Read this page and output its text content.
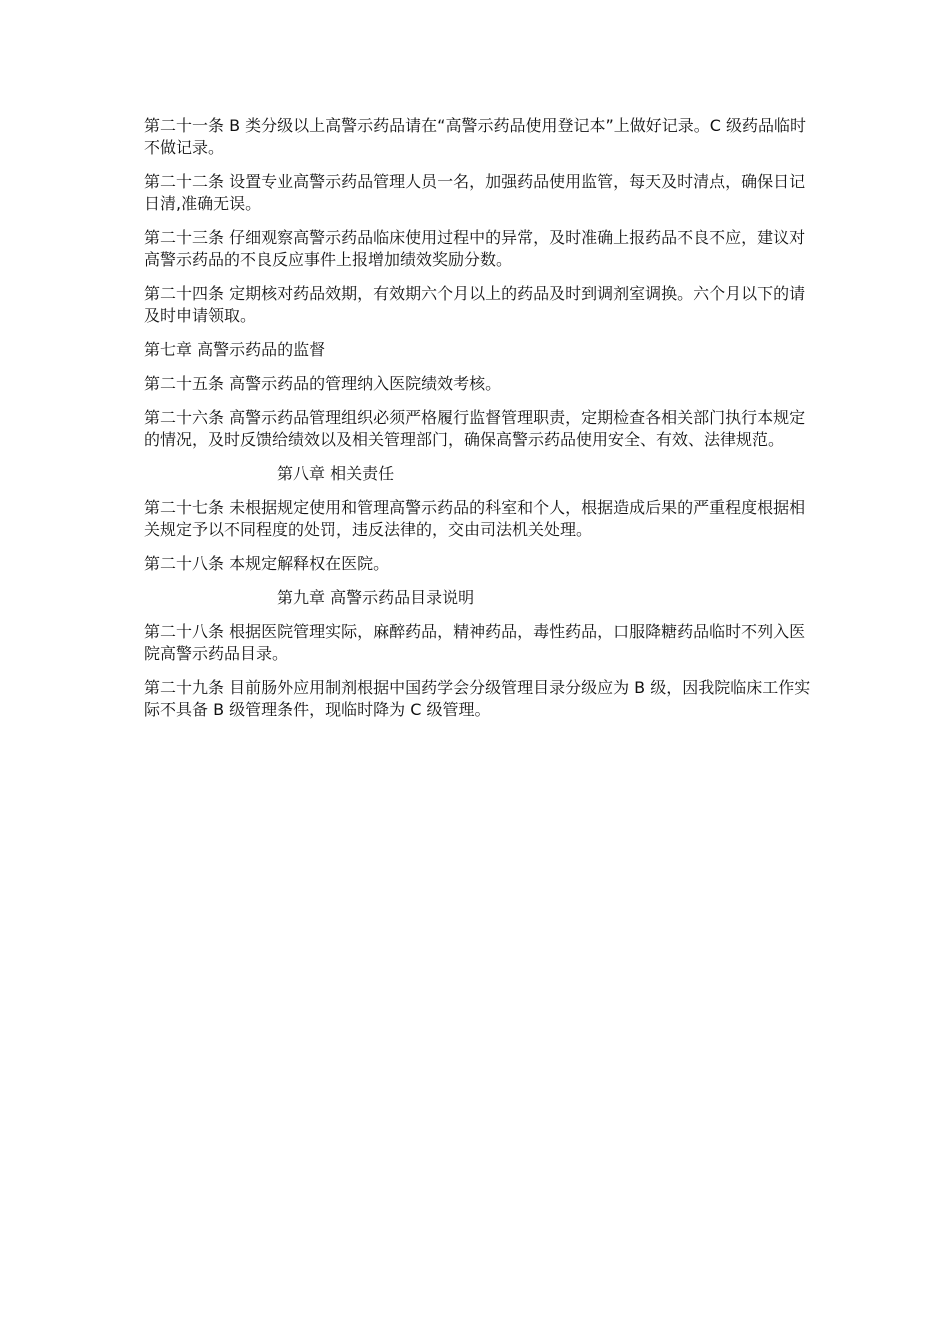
第二十一条 B 类分级以上高警示药品请在“高警示药品使用登记本”上做好记录。C 级药品临时不做记录。

第二十二条 设置专业高警示药品管理人员一名，加强药品使用监管，每天及时清点，确保日记日清,准确无误。

第二十三条 仔细观察高警示药品临床使用过程中的异常，及时准确上报药品不良不应，建议对高警示药品的不良反应事件上报增加绩效奖励分数。

第二十四条 定期核对药品效期，有效期六个月以上的药品及时到调剂室调换。六个月以下的请及时申请领取。

第七章 高警示药品的监督

第二十五条 高警示药品的管理纳入医院绩效考核。

第二十六条 高警示药品管理组织必须严格履行监督管理职责，定期检查各相关部门执行本规定的情况，及时反馈给绩效以及相关管理部门，确保高警示药品使用安全、有效、法律规范。

第八章 相关责任

第二十七条 未根据规定使用和管理高警示药品的科室和个人，根据造成后果的严重程度根据相关规定予以不同程度的处罚，违反法律的，交由司法机关处理。

第二十八条 本规定解释权在医院。

第九章 高警示药品目录说明

第二十八条 根据医院管理实际，麻醉药品，精神药品，毒性药品，口服降糖药品临时不列入医院高警示药品目录。

第二十九条 目前肠外应用制剂根据中国药学会分级管理目录分级应为 B 级，因我院临床工作实际不具备 B 级管理条件，现临时降为 C 级管理。
